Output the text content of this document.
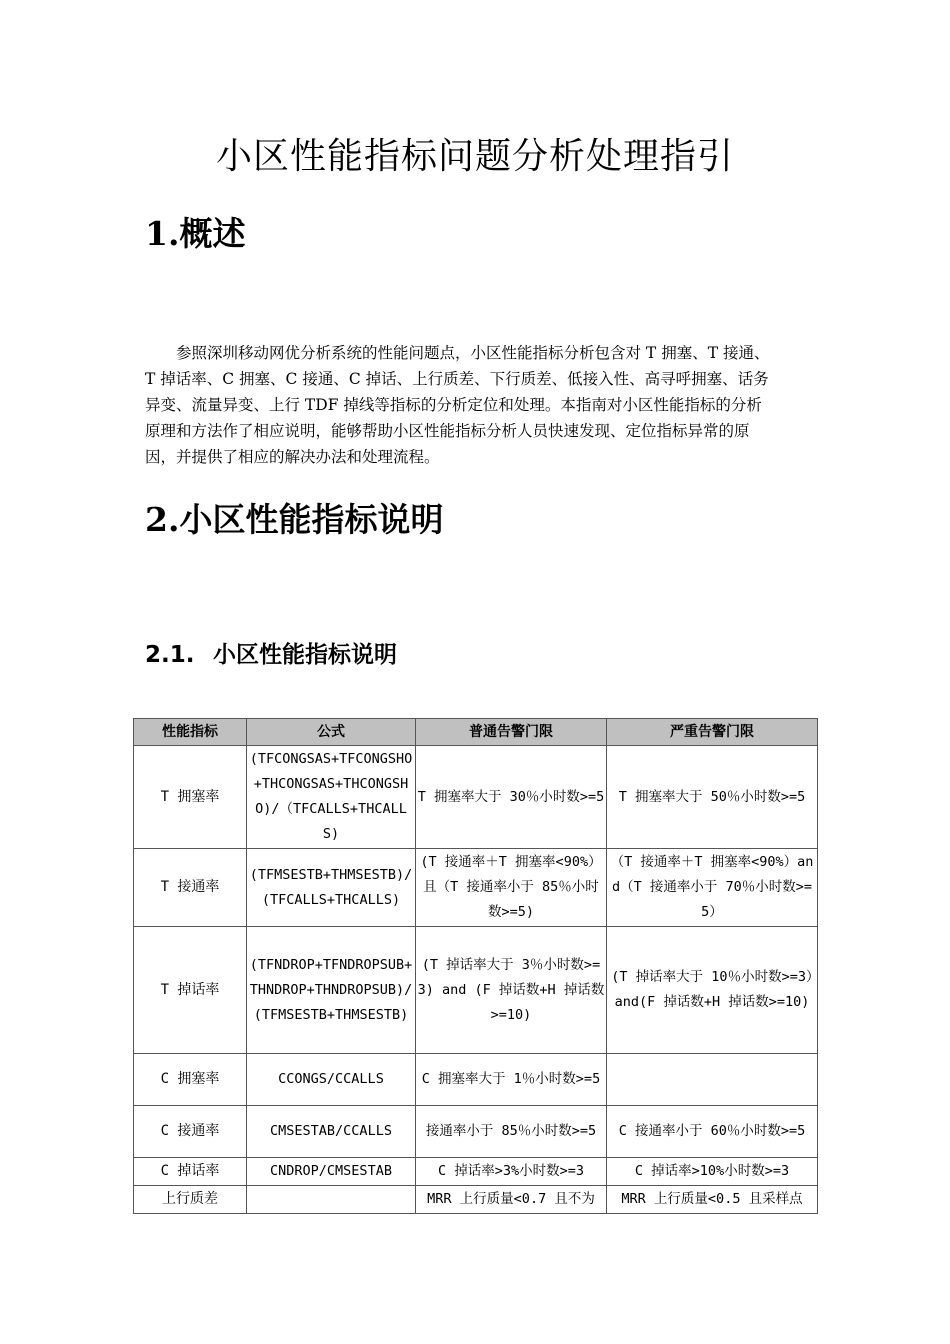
小区性能指标问题分析处理指引
1.概述
参照深圳移动网优分析系统的性能问题点，小区性能指标分析包含对 T 拥塞、T 接通、
T 掉话率、C 拥塞、C 接通、C 掉话、上行质差、下行质差、低接入性、高寻呼拥塞、话务
异变、流量异变、上行 TDF 掉线等指标的分析定位和处理。本指南对小区性能指标的分析
原理和方法作了相应说明，能够帮助小区性能指标分析人员快速发现、定位指标异常的原
因，并提供了相应的解决办法和处理流程。
2.小区性能指标说明
2.1. 小区性能指标说明
性能指标	公式	普通告警门限	严重告警门限
T 拥塞率	(TFCONGSAS+TFCONGSHO+THCONGSAS+THCONGSHO)/（TFCALLS+THCALLS)	T 拥塞率大于 30％小时数>=5	T 拥塞率大于 50％小时数>=5
T 接通率	(TFMSESTB+THMSESTB)/(TFCALLS+THCALLS)	(T 接通率＋T 拥塞率<90%）且（T 接通率小于 85％小时数>=5)	（T 接通率＋T 拥塞率<90%）and（T 接通率小于 70％小时数>=5）
T 掉话率	(TFNDROP+TFNDROPSUB+THNDROP+THNDROPSUB)/(TFMSESTB+THMSESTB)	(T 掉话率大于 3％小时数>=3) and (F 掉话数+H 掉话数>=10)	(T 掉话率大于 10％小时数>=3）and(F 掉话数+H 掉话数>=10)
C 拥塞率	CCONGS/CCALLS	C 拥塞率大于 1％小时数>=5	
C 接通率	CMSESTAB/CCALLS	接通率小于 85％小时数>=5	C 接通率小于 60％小时数>=5
C 掉话率	CNDROP/CMSESTAB	C 掉话率>3%小时数>=3	C 掉话率>10%小时数>=3
上行质差		MRR 上行质量<0.7 且不为	MRR 上行质量<0.5 且采样点
